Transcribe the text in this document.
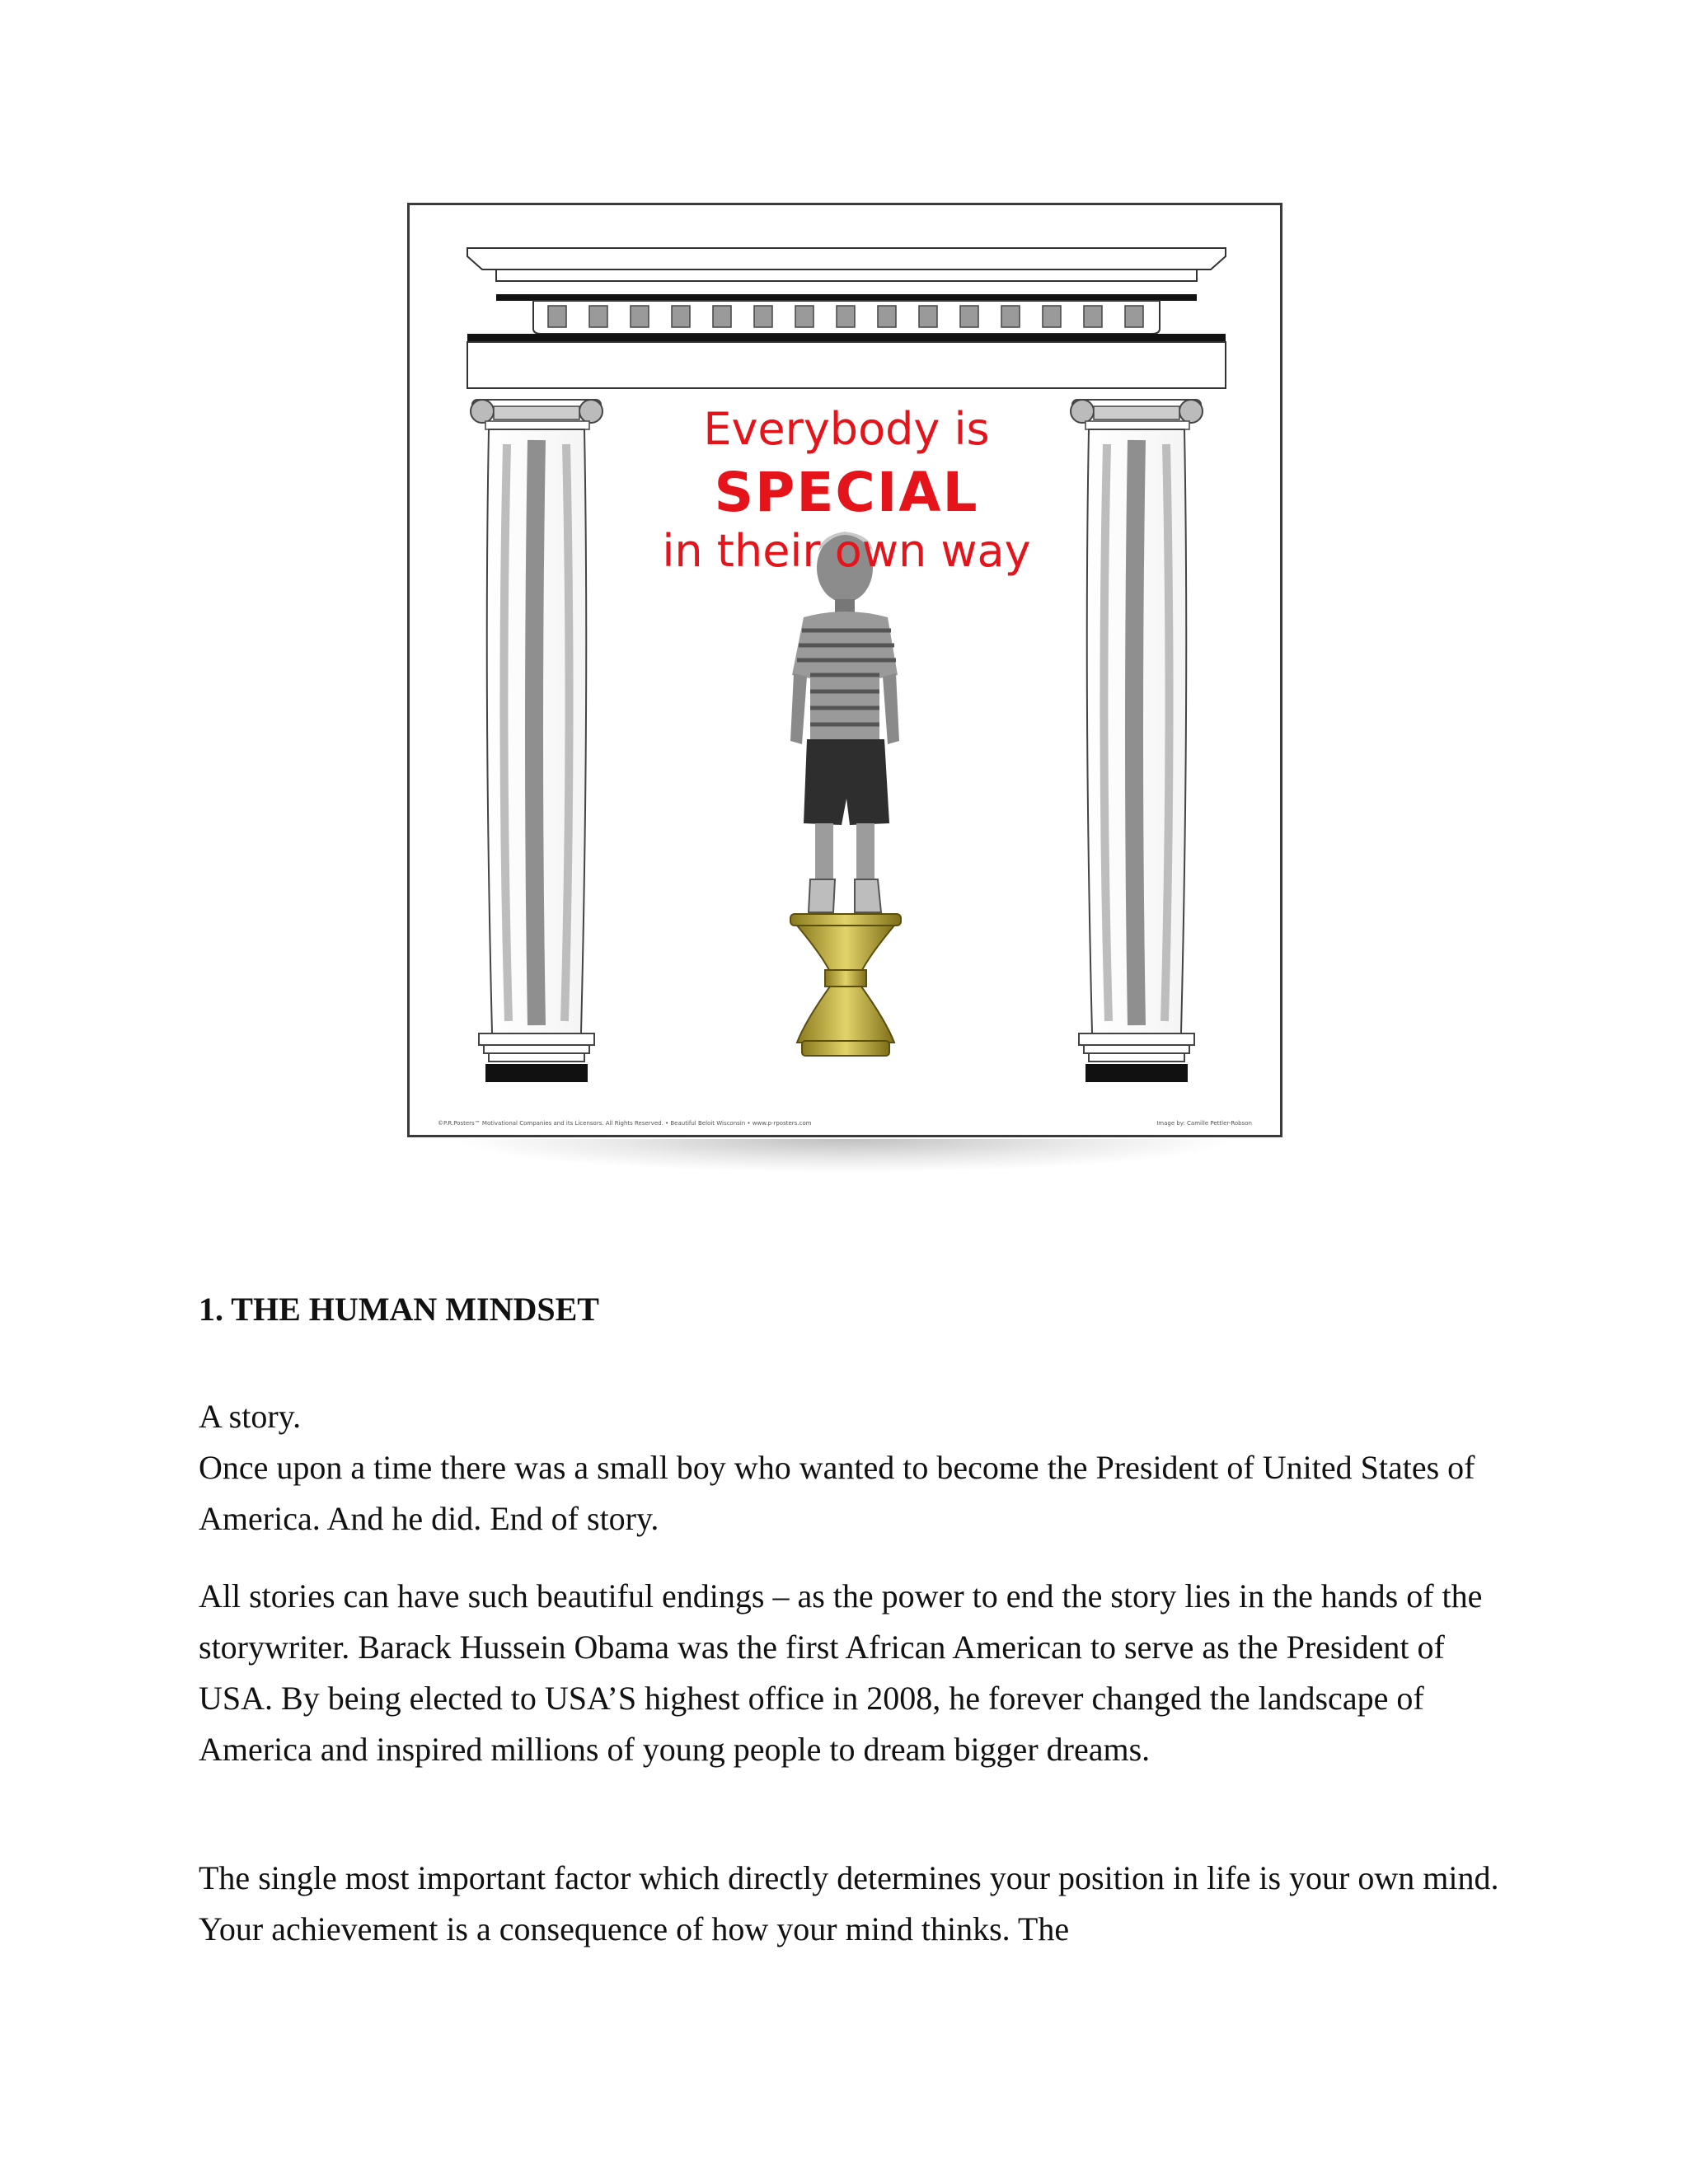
Everybody is
SPECIAL
in their own way
©P.R.Posters™ Motivational Companies and its Licensors. All Rights Reserved. • Beautiful Beloit Wisconsin • www.p-rposters.com	Image by: Camille Pettler-Robson
1. THE HUMAN MINDSET

A story.

Once upon a time there was a small boy who wanted to become the President of United States of America. And he did. End of story.

All stories can have such beautiful endings – as the power to end the story lies in the hands of the storywriter. Barack Hussein Obama was the first African American to serve as the President of USA. By being elected to USA’S highest office in 2008, he forever changed the landscape of America and inspired millions of young people to dream bigger dreams.

The single most important factor which directly determines your position in life is your own mind. Your achievement is a consequence of how your mind thinks. The
